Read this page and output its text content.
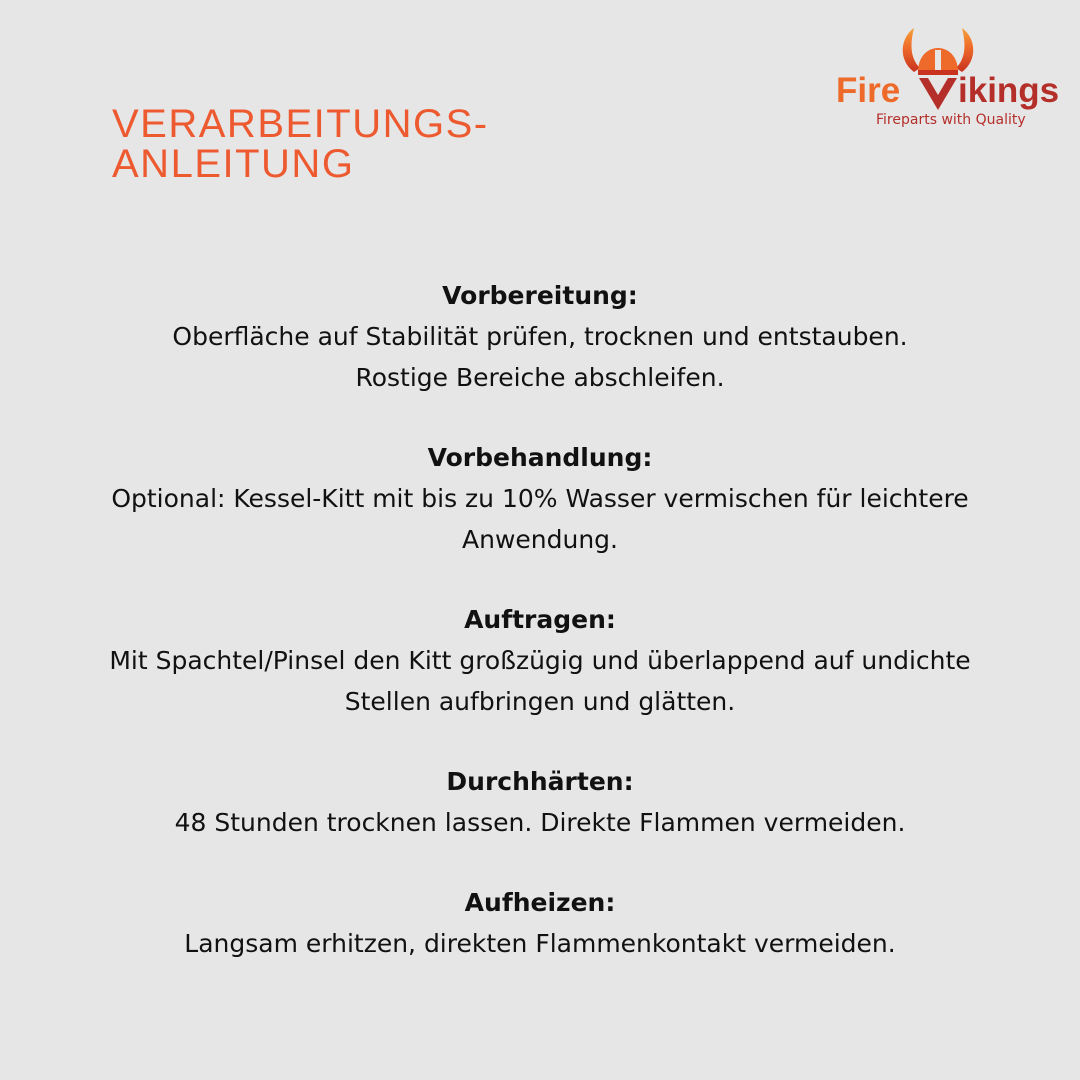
VERARBEITUNGS-
ANLEITUNG
Fire ikings
Fireparts with Quality

Vorbereitung:

Oberfläche auf Stabilität prüfen, trocknen und entstauben.
Rostige Bereiche abschleifen.

Vorbehandlung:

Optional: Kessel-Kitt mit bis zu 10% Wasser vermischen für leichtere
Anwendung.

Auftragen:

Mit Spachtel/Pinsel den Kitt großzügig und überlappend auf undichte
Stellen aufbringen und glätten.

Durchhärten:

48 Stunden trocknen lassen. Direkte Flammen vermeiden.

Aufheizen:

Langsam erhitzen, direkten Flammenkontakt vermeiden.
